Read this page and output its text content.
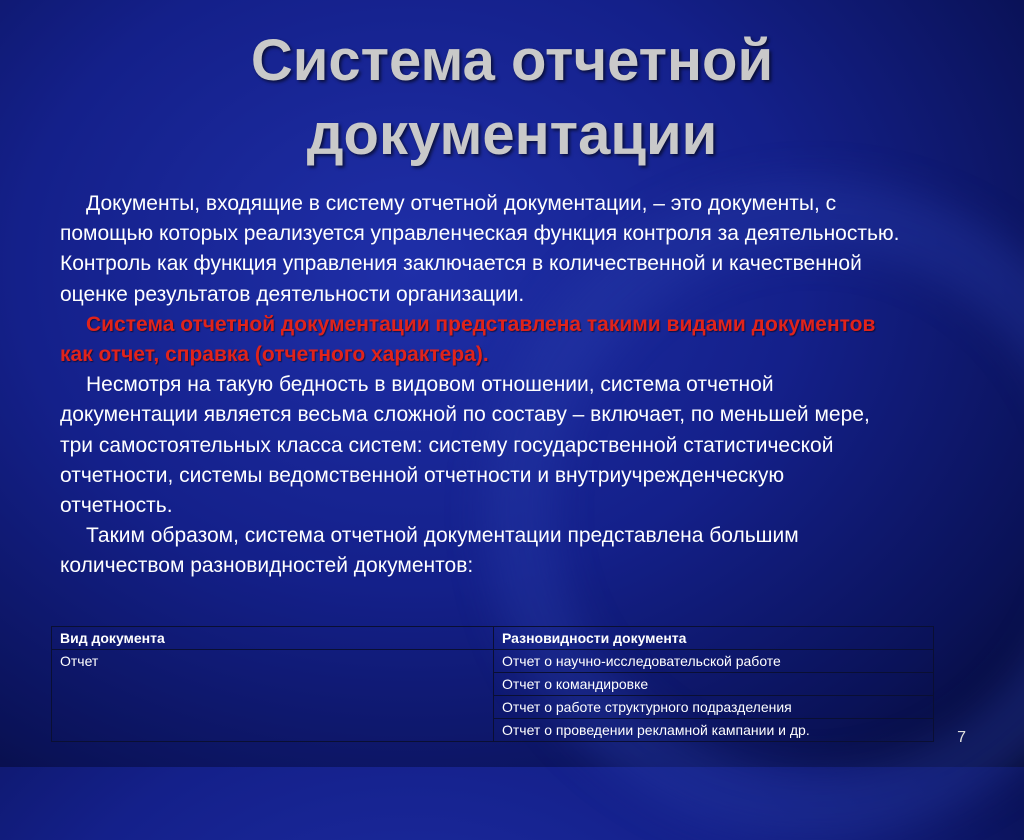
Система отчетной
документации

Документы, входящие в систему отчетной документации, – это документы, с помощью которых реализуется управленческая функция контроля за деятельностью. Контроль как функция управления заключается в количественной и качественной оценке результатов деятельности организации.

Система отчетной документации представлена такими видами документов как отчет, справка (отчетного характера).

Несмотря на такую бедность в видовом отношении, система отчетной документации является весьма сложной по составу – включает, по меньшей мере, три самостоятельных класса систем: систему государственной статистической отчетности, системы ведомственной отчетности и внутриучрежденческую отчетность.

Таким образом, система отчетной документации представлена большим количеством разновидностей документов:

Вид документа	Разновидности документа
Отчет	Отчет о научно-исследовательской работе
	Отчет о командировке
	Отчет о работе структурного подразделения
	Отчет о проведении рекламной кампании и др.	7
